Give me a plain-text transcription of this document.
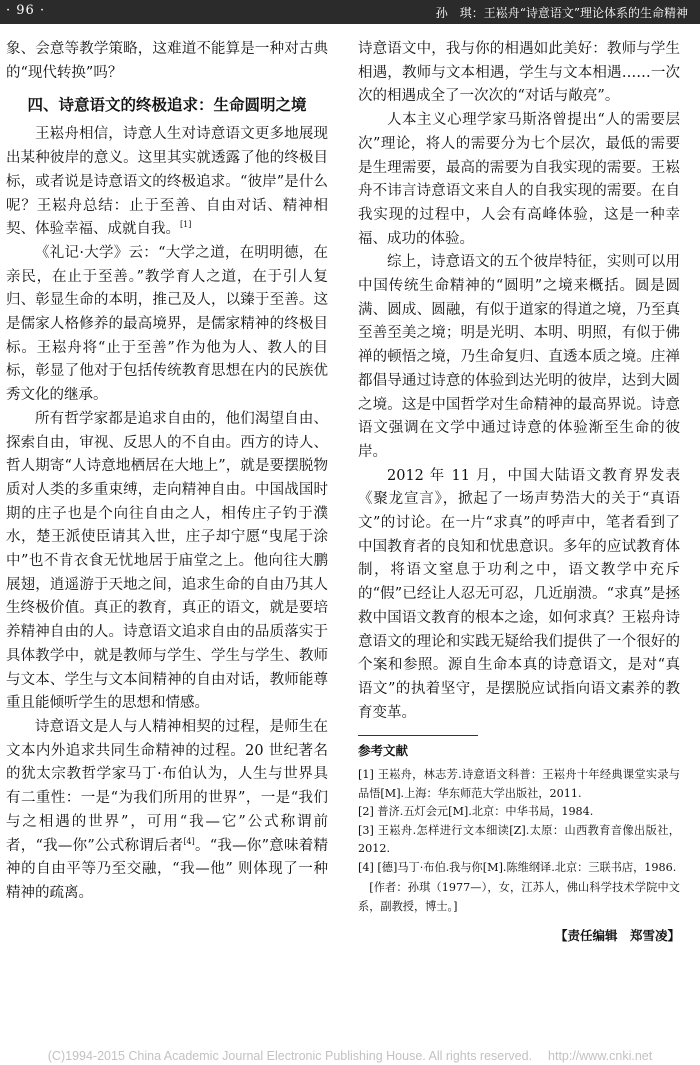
· 96 ·	孙　琪：王崧舟“诗意语文”理论体系的生命精神

象、会意等教学策略，这难道不能算是一种对古典的“现代转换”吗？

四、诗意语文的终极追求：生命圆明之境

王崧舟相信，诗意人生对诗意语文更多地展现出某种彼岸的意义。这里其实就透露了他的终极目标，或者说是诗意语文的终极追求。“彼岸”是什么呢？王崧舟总结：止于至善、自由对话、精神相契、体验幸福、成就自我。[1]

《礼记·大学》云：“大学之道，在明明德，在亲民，在止于至善。”教学育人之道，在于引人复归、彰显生命的本明，推己及人，以臻于至善。这是儒家人格修养的最高境界，是儒家精神的终极目标。王崧舟将“止于至善”作为他为人、教人的目标，彰显了他对于包括传统教育思想在内的民族优秀文化的继承。

所有哲学家都是追求自由的，他们渴望自由、探索自由，审视、反思人的不自由。西方的诗人、哲人期寄“人诗意地栖居在大地上”，就是要摆脱物质对人类的多重束缚，走向精神自由。中国战国时期的庄子也是个向往自由之人，相传庄子钓于濮水，楚王派使臣请其入世，庄子却宁愿“曳尾于涂中”也不肯衣食无忧地居于庙堂之上。他向往大鹏展翅，逍遥游于天地之间，追求生命的自由乃其人生终极价值。真正的教育，真正的语文，就是要培养精神自由的人。诗意语文追求自由的品质落实于具体教学中，就是教师与学生、学生与学生、教师与文本、学生与文本间精神的自由对话，教师能尊重且能倾听学生的思想和情感。

诗意语文是人与人精神相契的过程，是师生在文本内外追求共同生命精神的过程。20 世纪著名的犹太宗教哲学家马丁·布伯认为，人生与世界具有二重性：一是“为我们所用的世界”，一是“我们与之相遇的世界”，可用“我—它”公式称谓前者，“我—你”公式称谓后者[4]。“我—你”意味着精神的自由平等乃至交融，“我—他” 则体现了一种精神的疏离。

诗意语文中，我与你的相遇如此美好：教师与学生相遇，教师与文本相遇，学生与文本相遇……一次次的相遇成全了一次次的“对话与敞亮”。

人本主义心理学家马斯洛曾提出“人的需要层次”理论，将人的需要分为七个层次，最低的需要是生理需要，最高的需要为自我实现的需要。王崧舟不讳言诗意语文来自人的自我实现的需要。在自我实现的过程中，人会有高峰体验，这是一种幸福、成功的体验。

综上，诗意语文的五个彼岸特征，实则可以用中国传统生命精神的“圆明”之境来概括。圆是圆满、圆成、圆融，有似于道家的得道之境，乃至真至善至美之境；明是光明、本明、明照，有似于佛禅的顿悟之境，乃生命复归、直透本质之境。庄禅都倡导通过诗意的体验到达光明的彼岸，达到大圆之境。这是中国哲学对生命精神的最高界说。诗意语文强调在文学中通过诗意的体验渐至生命的彼岸。

2012 年 11 月，中国大陆语文教育界发表《聚龙宣言》，掀起了一场声势浩大的关于“真语文”的讨论。在一片“求真”的呼声中，笔者看到了中国教育者的良知和忧患意识。多年的应试教育体制，将语文窒息于功利之中，语文教学中充斥的“假”已经让人忍无可忍，几近崩溃。“求真”是拯救中国语文教育的根本之途，如何求真？王崧舟诗意语文的理论和实践无疑给我们提供了一个很好的个案和参照。源自生命本真的诗意语文，是对“真语文”的执着坚守，是摆脱应试指向语文素养的教育变革。

参考文献
[1] 王崧舟，林志芳.诗意语文科普：王崧舟十年经典课堂实录与品悟[M].上海：华东师范大学出版社，2011.
[2] 普济.五灯会元[M].北京：中华书局，1984.
[3] 王崧舟.怎样进行文本细读[Z].太原：山西教育音像出版社，2012.
[4] [德]马丁·布伯.我与你[M].陈维纲译.北京：三联书店，1986.
[作者：孙琪（1977—），女，江苏人，佛山科学技术学院中文系，副教授，博士。]
【责任编辑　郑雪凌】
(C)1994-2015 China Academic Journal Electronic Publishing House. All rights reserved.　 http://www.cnki.net
